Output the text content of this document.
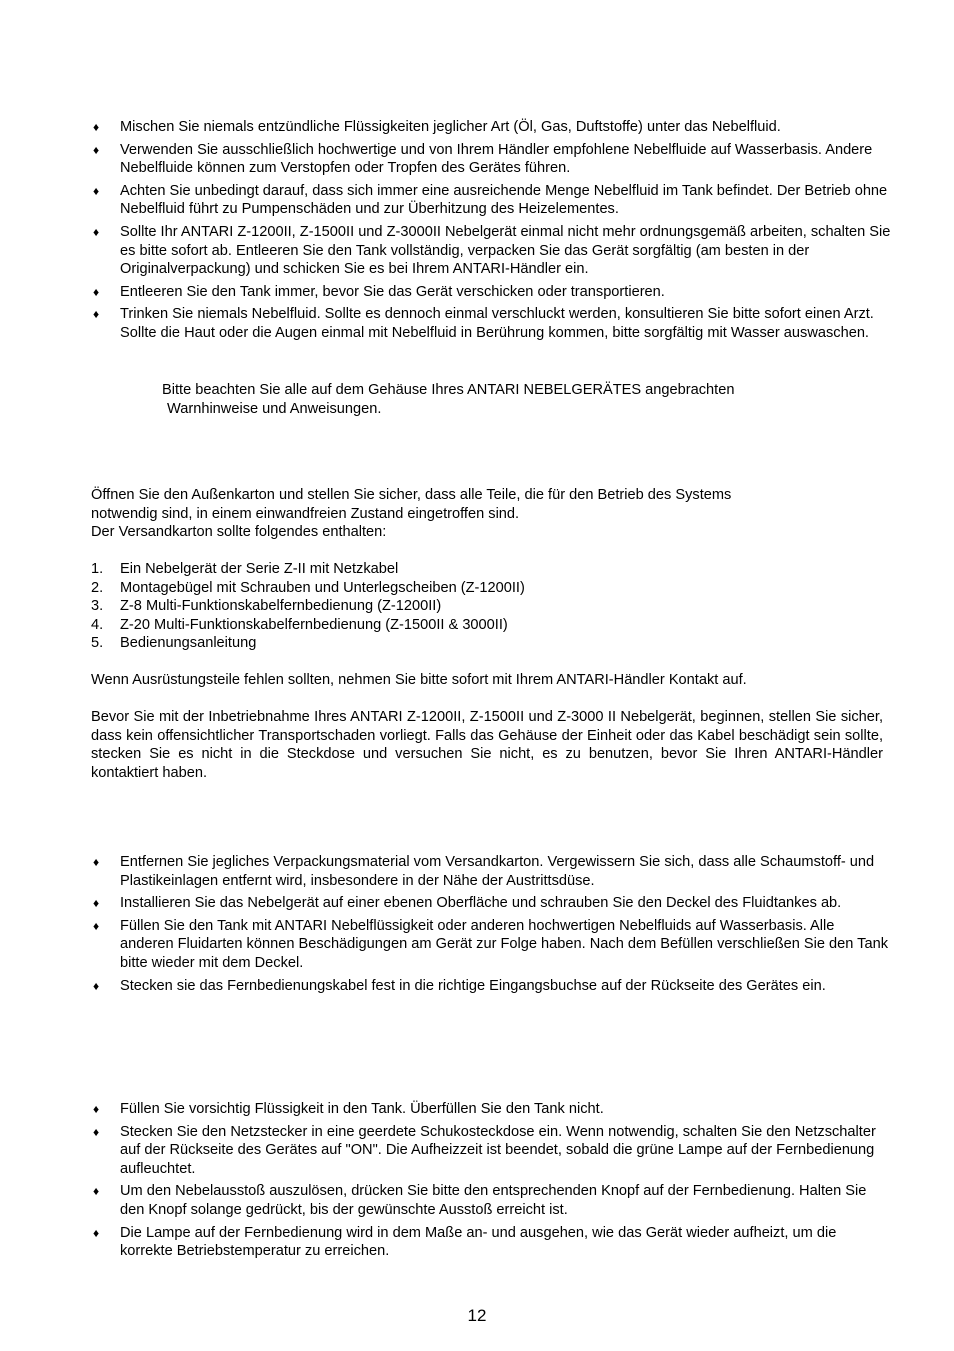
♦ Mischen Sie niemals entzündliche Flüssigkeiten jeglicher Art (Öl, Gas, Duftstoffe) unter das Nebelfluid.
♦ Verwenden Sie ausschließlich hochwertige und von Ihrem Händler empfohlene Nebelfluide auf Wasserbasis. Andere Nebelfluide können zum Verstopfen oder Tropfen des Gerätes führen.
♦ Achten Sie unbedingt darauf, dass sich immer eine ausreichende Menge Nebelfluid im Tank befindet. Der Betrieb ohne Nebelfluid führt zu Pumpenschäden und zur Überhitzung des Heizelementes.
♦ Sollte Ihr ANTARI Z-1200II, Z-1500II und Z-3000II Nebelgerät einmal nicht mehr ordnungsgemäß arbeiten, schalten Sie es bitte sofort ab. Entleeren Sie den Tank vollständig, verpacken Sie das Gerät sorgfältig (am besten in der Originalverpackung) und schicken Sie es bei Ihrem ANTARI-Händler ein.
♦ Entleeren Sie den Tank immer, bevor Sie das Gerät verschicken oder transportieren.
♦ Trinken Sie niemals Nebelfluid. Sollte es dennoch einmal verschluckt werden, konsultieren Sie bitte sofort einen Arzt. Sollte die Haut oder die Augen einmal mit Nebelfluid in Berührung kommen, bitte sorgfältig mit Wasser auswaschen.

Bitte beachten Sie alle auf dem Gehäuse Ihres ANTARI NEBELGERÄTES angebrachten
Warnhinweise und Anweisungen.

Öffnen Sie den Außenkarton und stellen Sie sicher, dass alle Teile, die für den Betrieb des Systems
notwendig sind, in einem einwandfreien Zustand eingetroffen sind.
Der Versandkarton sollte folgendes enthalten:

1.	Ein Nebelgerät der Serie Z-II mit Netzkabel
2.	Montagebügel mit Schrauben und Unterlegscheiben (Z-1200II)
3.	Z-8 Multi-Funktionskabelfernbedienung (Z-1200II)
4.	Z-20 Multi-Funktionskabelfernbedienung (Z-1500II & 3000II)
5.	Bedienungsanleitung

Wenn Ausrüstungsteile fehlen sollten, nehmen Sie bitte sofort mit Ihrem ANTARI-Händler Kontakt auf.

Bevor Sie mit der Inbetriebnahme Ihres ANTARI Z-1200II, Z-1500II und Z-3000 II Nebelgerät, beginnen, stellen Sie sicher, dass kein offensichtlicher Transportschaden vorliegt. Falls das Gehäuse der Einheit oder das Kabel beschädigt sein sollte, stecken Sie es nicht in die Steckdose und versuchen Sie nicht, es zu benutzen, bevor Sie Ihren ANTARI-Händler kontaktiert haben.

♦ Entfernen Sie jegliches Verpackungsmaterial vom Versandkarton. Vergewissern Sie sich, dass alle Schaumstoff- und Plastikeinlagen entfernt wird, insbesondere in der Nähe der Austrittsdüse.
♦ Installieren Sie das Nebelgerät auf einer ebenen Oberfläche und schrauben Sie den Deckel des Fluidtankes ab.
♦ Füllen Sie den Tank mit ANTARI Nebelflüssigkeit oder anderen hochwertigen Nebelfluids auf Wasserbasis. Alle anderen Fluidarten können Beschädigungen am Gerät zur Folge haben. Nach dem Befüllen verschließen Sie den Tank bitte wieder mit dem Deckel.
♦ Stecken sie das Fernbedienungskabel fest in die richtige Eingangsbuchse auf der Rückseite des Gerätes ein.
♦ Füllen Sie vorsichtig Flüssigkeit in den Tank. Überfüllen Sie den Tank nicht.
♦ Stecken Sie den Netzstecker in eine geerdete Schukosteckdose ein. Wenn notwendig, schalten Sie den Netzschalter auf der Rückseite des Gerätes auf "ON". Die Aufheizzeit ist beendet, sobald die grüne Lampe auf der Fernbedienung aufleuchtet.
♦ Um den Nebelausstoß auszulösen, drücken Sie bitte den entsprechenden Knopf auf der Fernbedienung. Halten Sie den Knopf solange gedrückt, bis der gewünschte Ausstoß erreicht ist.
♦ Die Lampe auf der Fernbedienung wird in dem Maße an- und ausgehen, wie das Gerät wieder aufheizt, um die korrekte Betriebstemperatur zu erreichen.
12
